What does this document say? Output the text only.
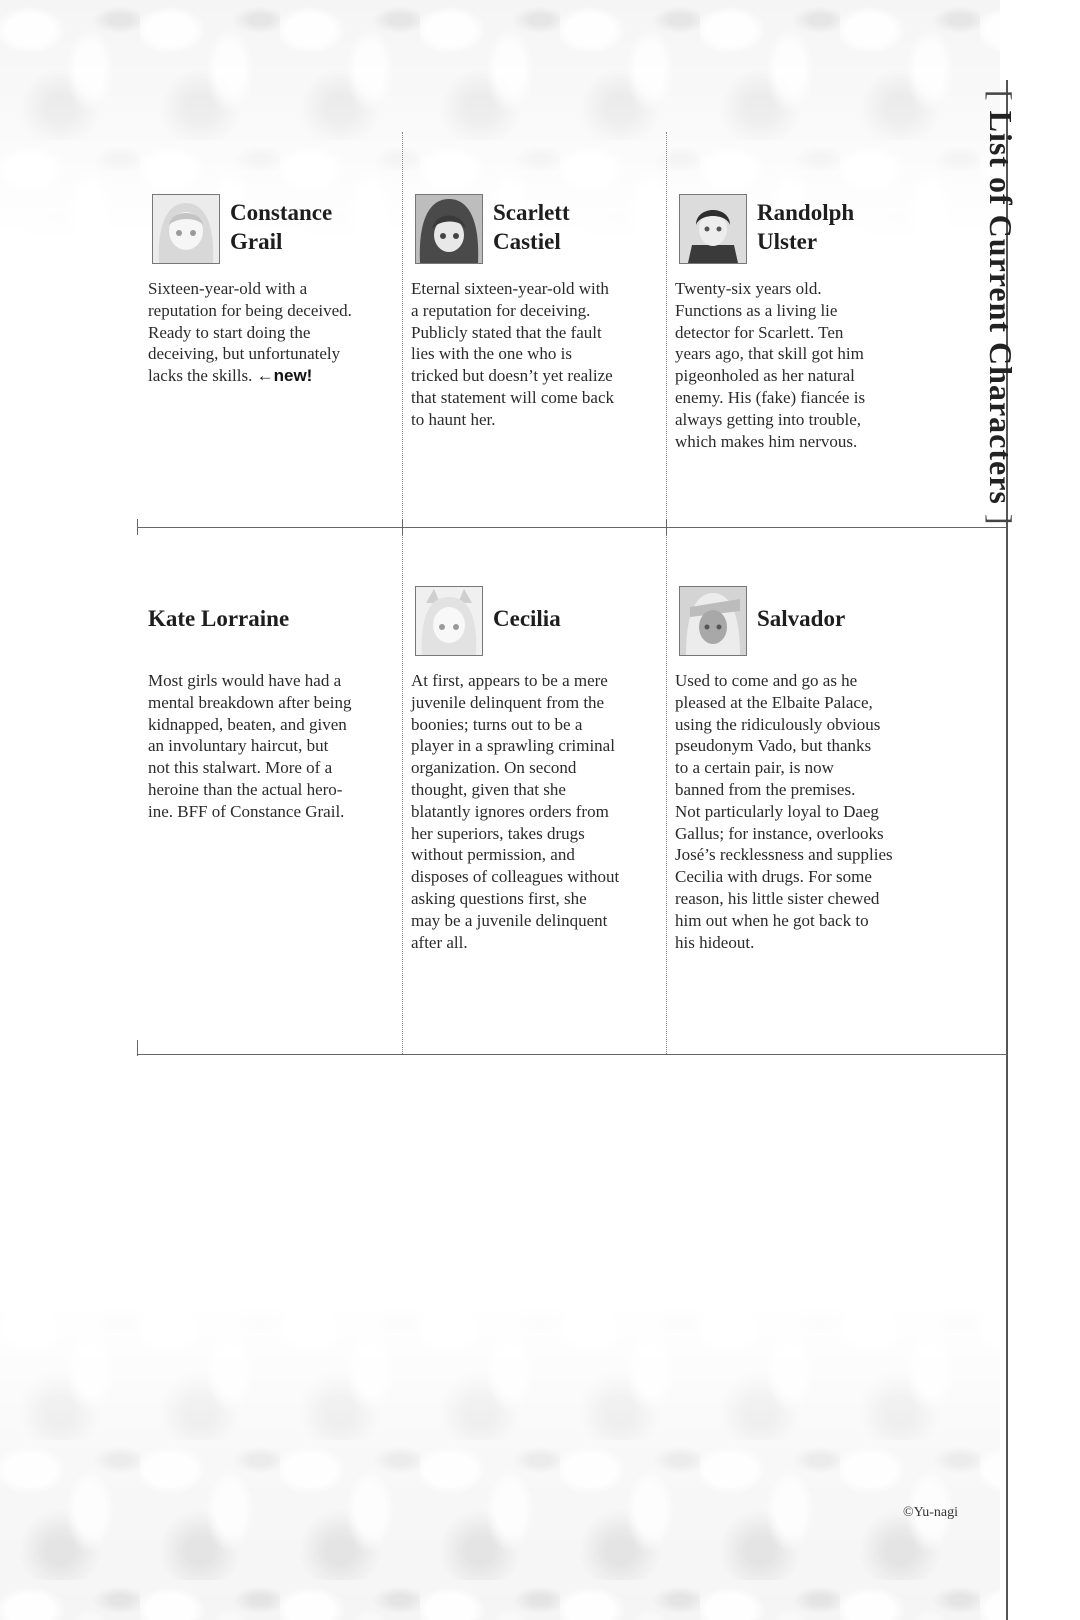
[ List of Current Characters ]
Constance
Grail
Sixteen-year-old with a
reputation for being deceived.
Ready to start doing the
deceiving, but unfortunately
lacks the skills. ←new!
Scarlett
Castiel
Eternal sixteen-year-old with
a reputation for deceiving.
Publicly stated that the fault
lies with the one who is
tricked but doesn’t yet realize
that statement will come back
to haunt her.
Randolph
Ulster
Twenty-six years old.
Functions as a living lie
detector for Scarlett. Ten
years ago, that skill got him
pigeonholed as her natural
enemy. His (fake) fiancée is
always getting into trouble,
which makes him nervous.
Kate Lorraine
Most girls would have had a
mental breakdown after being
kidnapped, beaten, and given
an involuntary haircut, but
not this stalwart. More of a
heroine than the actual hero-
ine. BFF of Constance Grail.
Cecilia
At first, appears to be a mere
juvenile delinquent from the
boonies; turns out to be a
player in a sprawling criminal
organization. On second
thought, given that she
blatantly ignores orders from
her superiors, takes drugs
without permission, and
disposes of colleagues without
asking questions first, she
may be a juvenile delinquent
after all.
Salvador
Used to come and go as he
pleased at the Elbaite Palace,
using the ridiculously obvious
pseudonym Vado, but thanks
to a certain pair, is now
banned from the premises.
Not particularly loyal to Daeg
Gallus; for instance, overlooks
José’s recklessness and supplies
Cecilia with drugs. For some
reason, his little sister chewed
him out when he got back to
his hideout.
©Yu-nagi
